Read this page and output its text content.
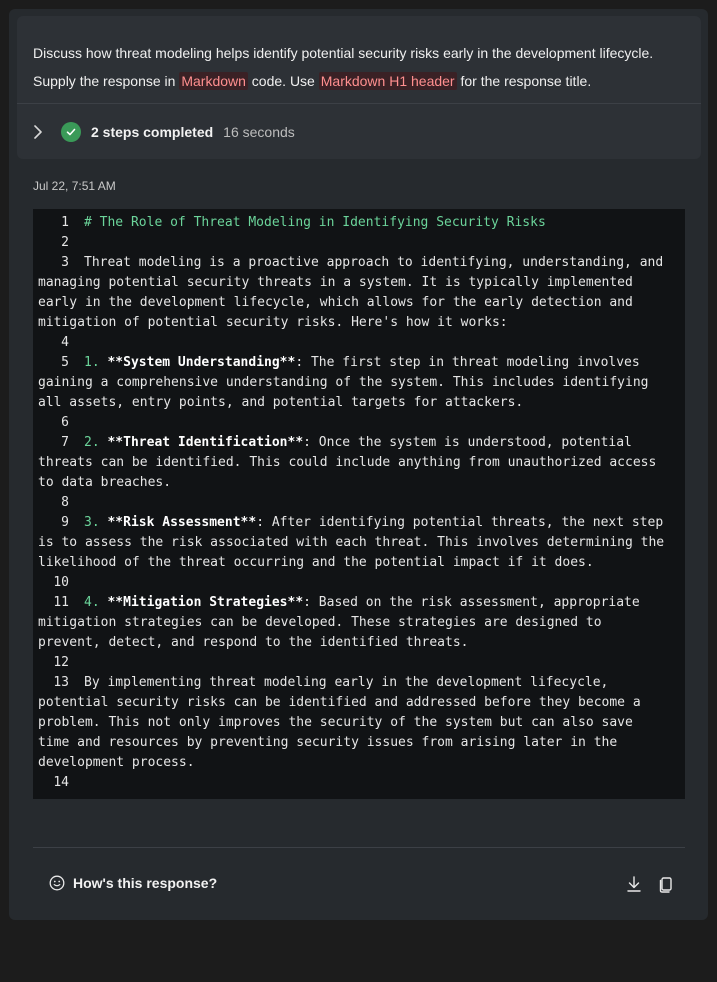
Discuss how threat modeling helps identify potential security risks early in the development lifecycle.
Supply the response in Markdown code. Use Markdown H1 header for the response title.
2 steps completed 16 seconds
Jul 22, 7:51 AM
1 # The Role of Threat Modeling in Identifying Security Risks
2
3 Threat modeling is a proactive approach to identifying, understanding, and managing potential security threats in a system. It is typically implemented early in the development lifecycle, which allows for the early detection and mitigation of potential security risks. Here's how it works:
4
5 1. **System Understanding**: The first step in threat modeling involves gaining a comprehensive understanding of the system. This includes identifying all assets, entry points, and potential targets for attackers.
6
7 2. **Threat Identification**: Once the system is understood, potential threats can be identified. This could include anything from unauthorized access to data breaches.
8
9 3. **Risk Assessment**: After identifying potential threats, the next step is to assess the risk associated with each threat. This involves determining the likelihood of the threat occurring and the potential impact if it does.
10
11 4. **Mitigation Strategies**: Based on the risk assessment, appropriate mitigation strategies can be developed. These strategies are designed to prevent, detect, and respond to the identified threats.
12
13 By implementing threat modeling early in the development lifecycle, potential security risks can be identified and addressed before they become a problem. This not only improves the security of the system but can also save time and resources by preventing security issues from arising later in the development process.
14
How's this response?
